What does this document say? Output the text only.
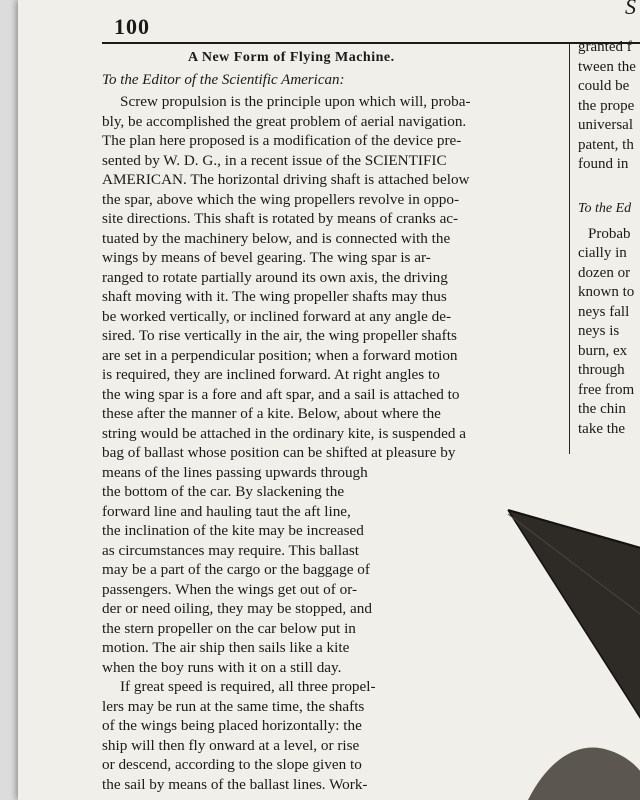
100
S
A New Form of Flying Machine.
To the Editor of the Scientific American:
Screw propulsion is the principle upon which will, proba-
bly, be accomplished the great problem of aerial navigation.
The plan here proposed is a modification of the device pre-
sented by W. D. G., in a recent issue of the SCIENTIFIC
AMERICAN. The horizontal driving shaft is attached below
the spar, above which the wing propellers revolve in oppo-
site directions. This shaft is rotated by means of cranks ac-
tuated by the machinery below, and is connected with the
wings by means of bevel gearing. The wing spar is ar-
ranged to rotate partially around its own axis, the driving
shaft moving with it. The wing propeller shafts may thus
be worked vertically, or inclined forward at any angle de-
sired. To rise vertically in the air, the wing propeller shafts
are set in a perpendicular position; when a forward motion
is required, they are inclined forward. At right angles to
the wing spar is a fore and aft spar, and a sail is attached to
these after the manner of a kite. Below, about where the
string would be attached in the ordinary kite, is suspended a
bag of ballast whose position can be shifted at pleasure by
means of the lines passing upwards through
the bottom of the car. By slackening the
forward line and hauling taut the aft line,
the inclination of the kite may be increased
as circumstances may require. This ballast
may be a part of the cargo or the baggage of
passengers. When the wings get out of or-
der or need oiling, they may be stopped, and
the stern propeller on the car below put in
motion. The air ship then sails like a kite
when the boy runs with it on a still day.
If great speed is required, all three propel-
lers may be run at the same time, the shafts
of the wings being placed horizontally: the
ship will then fly onward at a level, or rise
or descend, according to the slope given to
the sail by means of the ballast lines. Work-
granted f
tween the
could be
the prope
universal
patent, th
found in
To the Ed
Probab
cially in
dozen or
known to
neys fall
neys is
burn, ex
through
free from
the chin
take the
